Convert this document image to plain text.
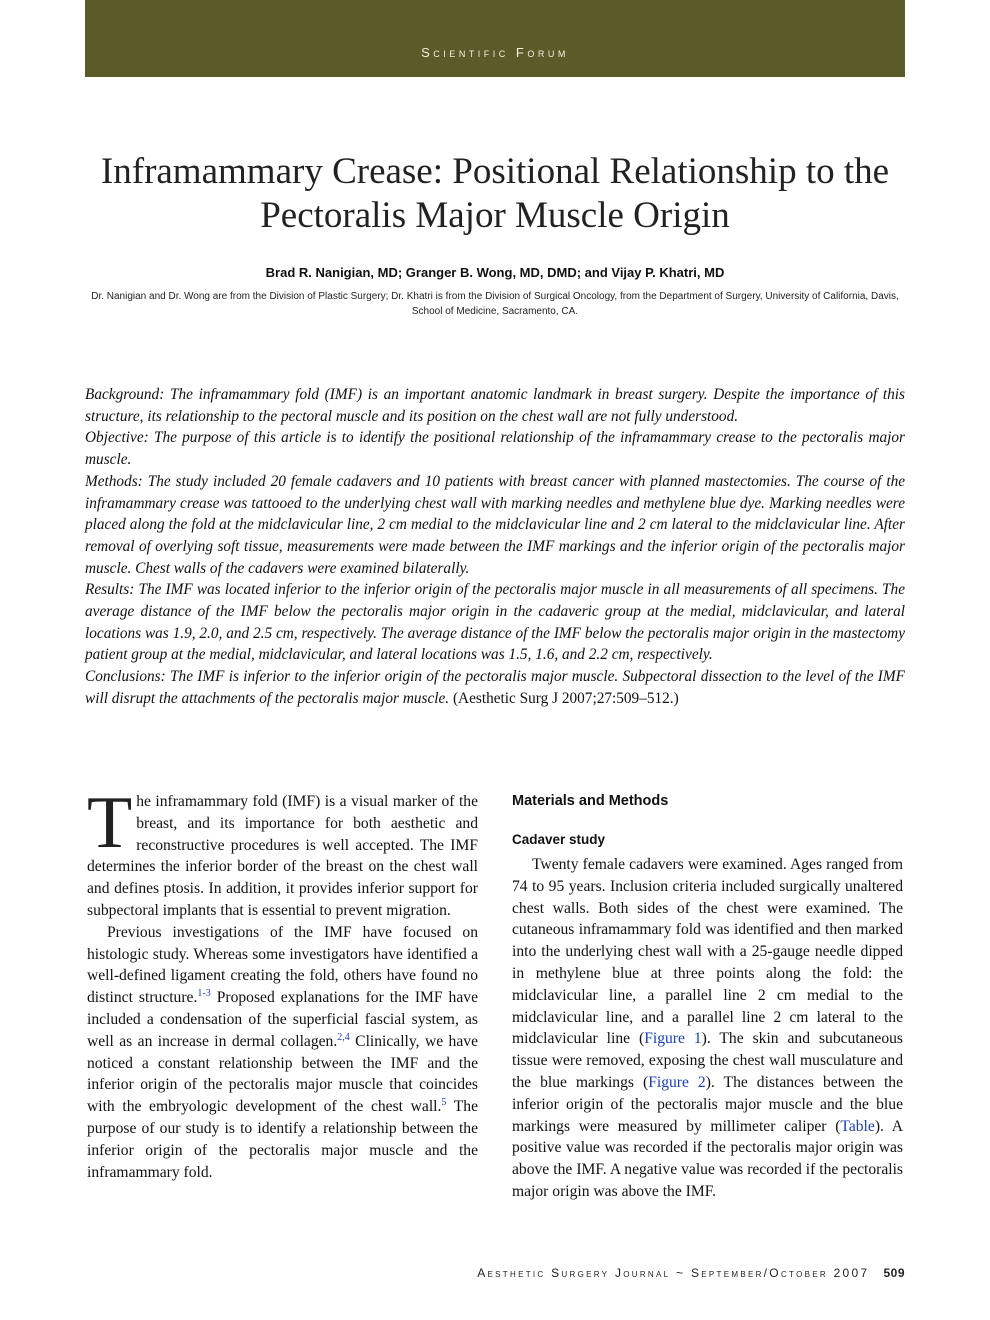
Scientific Forum
Inframammary Crease: Positional Relationship to the Pectoralis Major Muscle Origin
Brad R. Nanigian, MD; Granger B. Wong, MD, DMD; and Vijay P. Khatri, MD
Dr. Nanigian and Dr. Wong are from the Division of Plastic Surgery; Dr. Khatri is from the Division of Surgical Oncology, from the Department of Surgery, University of California, Davis, School of Medicine, Sacramento, CA.

Background: The inframammary fold (IMF) is an important anatomic landmark in breast surgery. Despite the importance of this structure, its relationship to the pectoral muscle and its position on the chest wall are not fully understood.

Objective: The purpose of this article is to identify the positional relationship of the inframammary crease to the pectoralis major muscle.

Methods: The study included 20 female cadavers and 10 patients with breast cancer with planned mastectomies. The course of the inframammary crease was tattooed to the underlying chest wall with marking needles and methylene blue dye. Marking needles were placed along the fold at the midclavicular line, 2 cm medial to the midclavicular line and 2 cm lateral to the midclavicular line. After removal of overlying soft tissue, measurements were made between the IMF markings and the inferior origin of the pectoralis major muscle. Chest walls of the cadavers were examined bilaterally.

Results: The IMF was located inferior to the inferior origin of the pectoralis major muscle in all measurements of all specimens. The average distance of the IMF below the pectoralis major origin in the cadaveric group at the medial, midclavicular, and lateral locations was 1.9, 2.0, and 2.5 cm, respectively. The average distance of the IMF below the pectoralis major origin in the mastectomy patient group at the medial, midclavicular, and lateral locations was 1.5, 1.6, and 2.2 cm, respectively.

Conclusions: The IMF is inferior to the inferior origin of the pectoralis major muscle. Subpectoral dissection to the level of the IMF will disrupt the attachments of the pectoralis major muscle. (Aesthetic Surg J 2007;27:509–512.)

The inframammary fold (IMF) is a visual marker of the breast, and its importance for both aesthetic and reconstructive procedures is well accepted. The IMF determines the inferior border of the breast on the chest wall and defines ptosis. In addition, it provides inferior support for subpectoral implants that is essential to prevent migration.

Previous investigations of the IMF have focused on histologic study. Whereas some investigators have identified a well-defined ligament creating the fold, others have found no distinct structure.$^{1-3}$ Proposed explanations for the IMF have included a condensation of the superficial fascial system, as well as an increase in dermal collagen.$^{2,4}$ Clinically, we have noticed a constant relationship between the IMF and the inferior origin of the pectoralis major muscle that coincides with the embryologic development of the chest wall.$^5$ The purpose of our study is to identify a relationship between the inferior origin of the pectoralis major muscle and the inframammary fold.

Materials and Methods
Cadaver study

Twenty female cadavers were examined. Ages ranged from 74 to 95 years. Inclusion criteria included surgically unaltered chest walls. Both sides of the chest were examined. The cutaneous inframammary fold was identified and then marked into the underlying chest wall with a 25-gauge needle dipped in methylene blue at three points along the fold: the midclavicular line, a parallel line 2 cm medial to the midclavicular line, and a parallel line 2 cm lateral to the midclavicular line (Figure 1). The skin and subcutaneous tissue were removed, exposing the chest wall musculature and the blue markings (Figure 2). The distances between the inferior origin of the pectoralis major muscle and the blue markings were measured by millimeter caliper (Table). A positive value was recorded if the pectoralis major origin was above the IMF. A negative value was recorded if the pectoralis major origin was above the IMF.

Aesthetic Surgery Journal ~ September/October 2007 509
